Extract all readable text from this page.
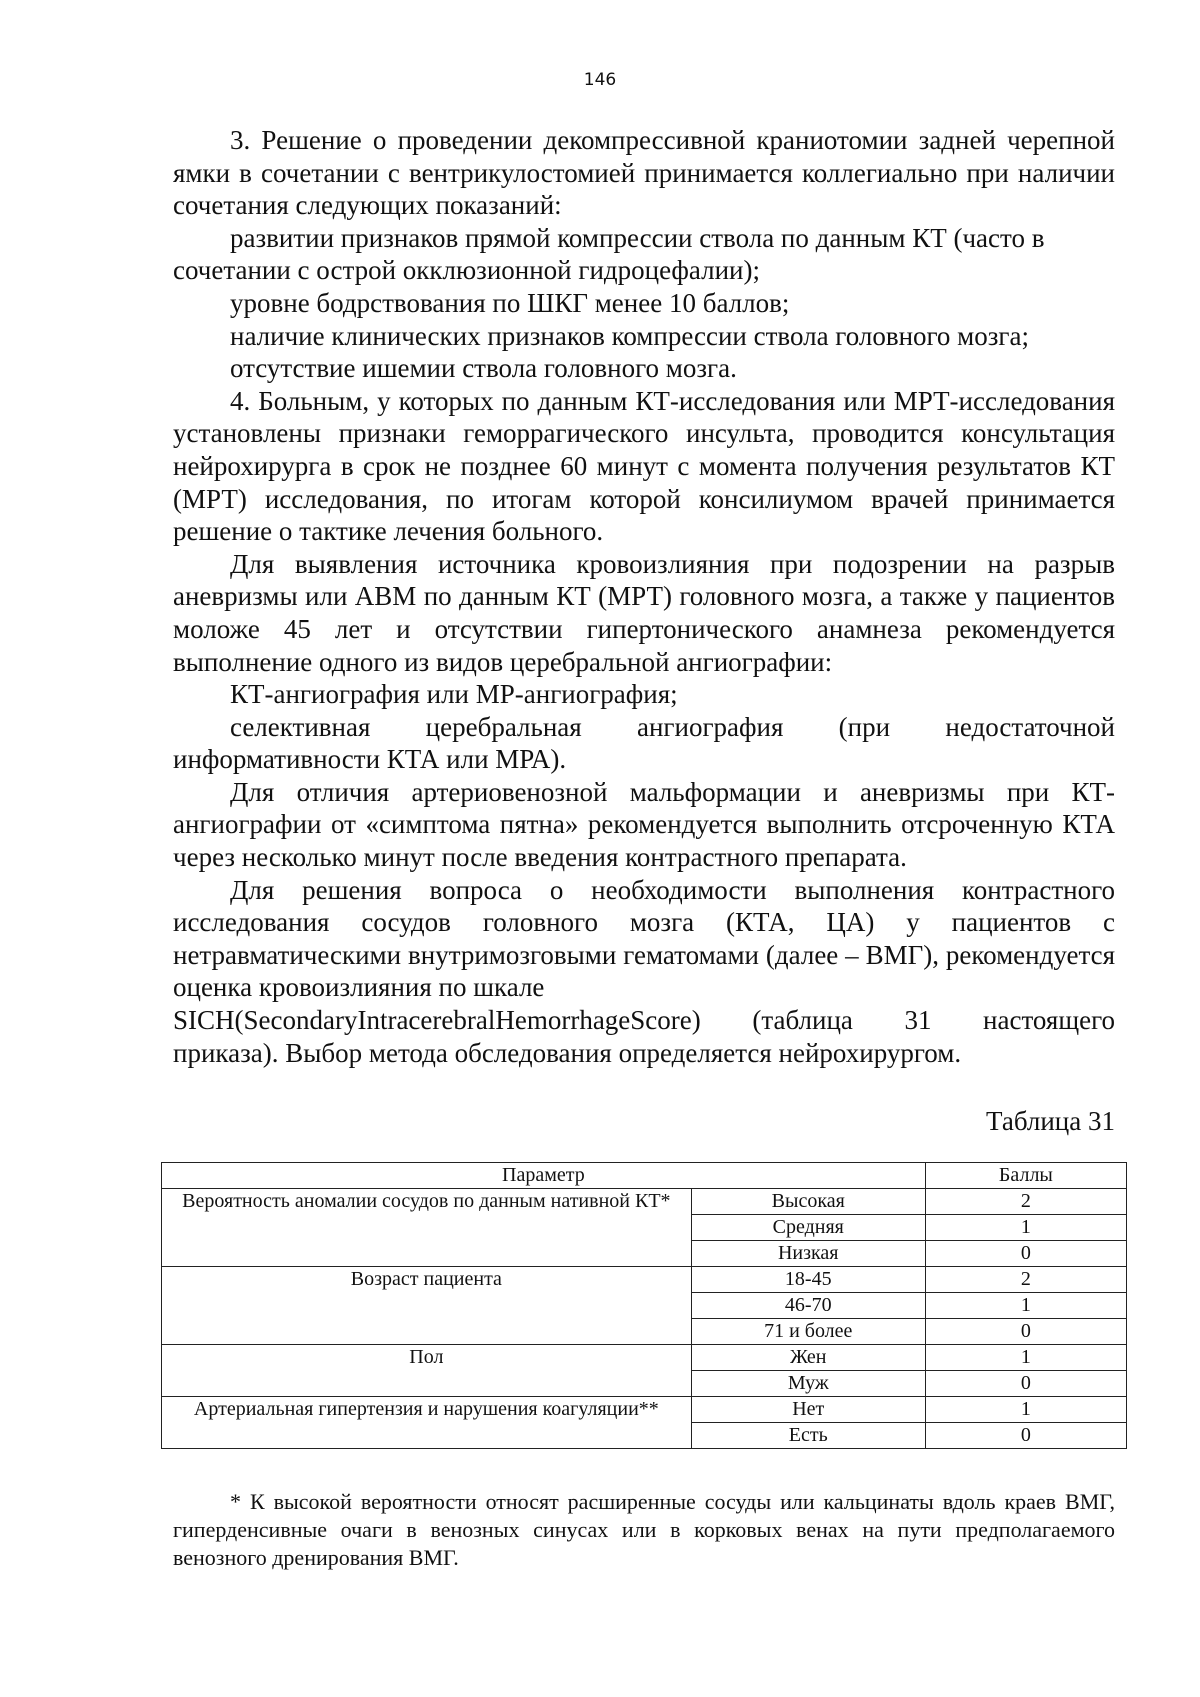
146

3. Решение о проведении декомпрессивной краниотомии задней черепной ямки в сочетании с вентрикулостомией принимается коллегиально при наличии сочетания следующих показаний:

развитии признаков прямой компрессии ствола по данным КТ (часто в сочетании с острой окклюзионной гидроцефалии);

уровне бодрствования по ШКГ менее 10 баллов;

наличие клинических признаков компрессии ствола головного мозга;

отсутствие ишемии ствола головного мозга.

4. Больным, у которых по данным КТ-исследования или МРТ-исследования установлены признаки геморрагического инсульта, проводится консультация нейрохирурга в срок не позднее 60 минут с момента получения результатов КТ (МРТ) исследования, по итогам которой консилиумом врачей принимается решение о тактике лечения больного.

Для выявления источника кровоизлияния при подозрении на разрыв аневризмы или АВМ по данным КТ (МРТ) головного мозга, а также у пациентов моложе 45 лет и отсутствии гипертонического анамнеза рекомендуется выполнение одного из видов церебральной ангиографии:

КТ-ангиография или МР-ангиография;

селективная церебральная ангиография (при недостаточной информативности КТА или МРА).

Для отличия артериовенозной мальформации и аневризмы при КТ-ангиографии от «симптома пятна» рекомендуется выполнить отсроченную КТА через несколько минут после введения контрастного препарата.

Для решения вопроса о необходимости выполнения контрастного исследования сосудов головного мозга (КТА, ЦА) у пациентов с нетравматическими внутримозговыми гематомами (далее – ВМГ), рекомендуется оценка кровоизлияния по шкале

SICH(SecondaryIntracerebralHemorrhageScore) (таблица 31 настоящего

приказа). Выбор метода обследования определяется нейрохирургом.

Таблица 31
Параметр		Баллы
Вероятность аномалии сосудов по данным нативной КТ*	Высокая	2
	Средняя	1
	Низкая	0
Возраст пациента	18-45	2
	46-70	1
	71 и более	0
Пол	Жен	1
	Муж	0
Артериальная гипертензия и нарушения коагуляции**	Нет	1
	Есть	0

* К высокой вероятности относят расширенные сосуды или кальцинаты вдоль краев ВМГ, гиперденсивные очаги в венозных синусах или в корковых венах на пути предполагаемого венозного дренирования ВМГ.
